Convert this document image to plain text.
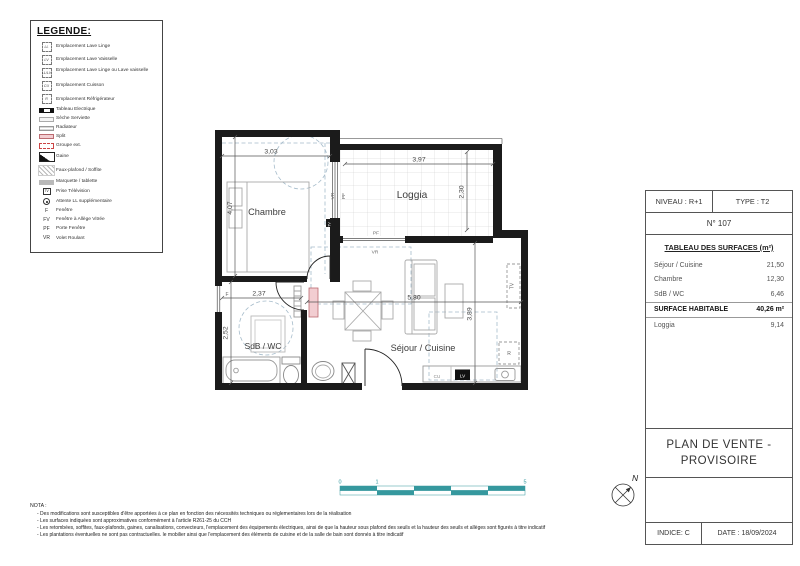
LEGENDE:
LL Emplacement Lave Linge
LV Emplacement Lave Vaisselle
LL/LV Emplacement Lave Linge ou Lave vaisselle
CU Emplacement Cuisson
R Emplacement Réfrigérateur
Tableau Electrique
Sèche Serviette
Radiateur
Split
Groupe ext.
Gaine
Faux-plafond / Soffite
Marquette / tablette
TV Prise Télévision
Attente LL supplémentaire
F Fenêtre
FV Fenêtre à Allège Vitrée
PF Porte Fenêtre
VR Volet Roulant
3,03
4,07
3,97
2,30
2,37
2,52
5,80
3,89
Chambre
Loggia
SdB / WC	Séjour / Cuisine
VR PF
PF
VR
F
TV
TV
CU	LV
R
NIVEAU : R+1	TYPE : T2
N° 107
TABLEAU DES SURFACES (m²)
Séjour / Cuisine	21,50
Chambre	12,30
SdB / WC	6,46
SURFACE HABITABLE	40,26 m²
Loggia	9,14
PLAN DE VENTE -
PROVISOIRE
INDICE: C	DATE : 18/09/2024
0	1	5	N
NOTA :
- Des modifications sont susceptibles d'être apportées à ce plan en fonction des nécessités techniques ou réglementaires lors de la réalisation
- Les surfaces indiquées sont approximatives conformément à l'article R261-25 du CCH
- Les retombées, soffites, faux-plafonds, gaines, canalisations, convecteurs, l'emplacement des équipements électriques, ainsi de que la hauteur sous plafond des seuils et la hauteur des seuils et allèges sont figurés à titre indicatif
- Les plantations éventuelles ne sont pas contractuelles. le mobilier ainsi que l'emplacement des éléments de cuisine et de la salle de bain sont donnés à titre indicatif
